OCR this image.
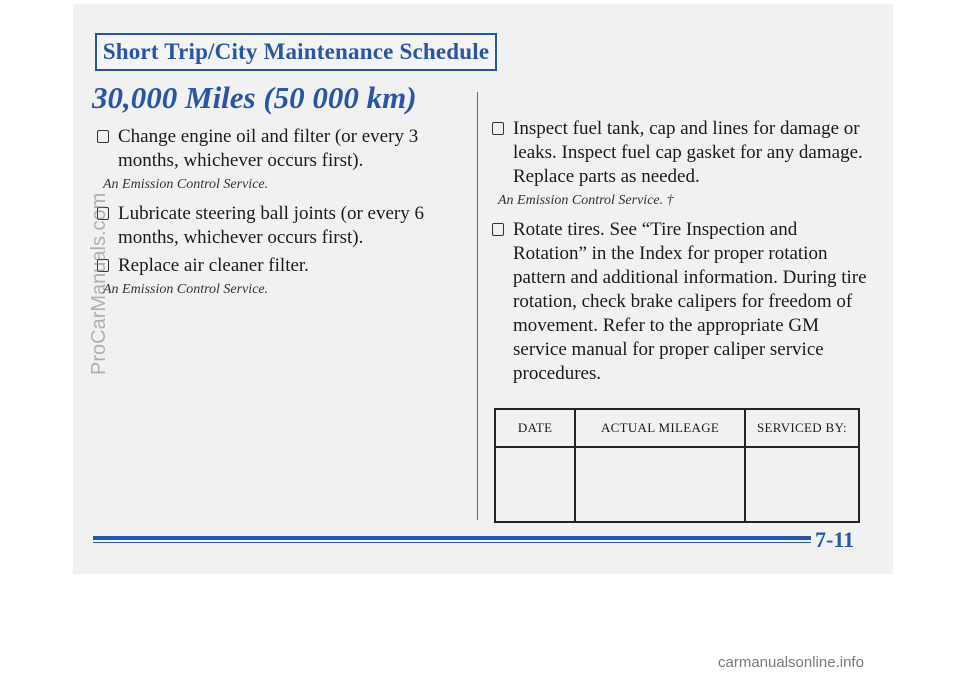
Short Trip/City Maintenance Schedule
30,000 Miles (50 000 km)
Change engine oil and filter (or every 3 months, whichever occurs first).
An Emission Control Service.
Lubricate steering ball joints (or every 6 months, whichever occurs first).
Replace air cleaner filter.
An Emission Control Service.
Inspect fuel tank, cap and lines for damage or leaks. Inspect fuel cap gasket for any damage. Replace parts as needed.
An Emission Control Service. †
Rotate tires. See “Tire Inspection and Rotation” in the Index for proper rotation pattern and additional information. During tire rotation, check brake calipers for freedom of movement. Refer to the appropriate GM service manual for proper caliper service procedures.
DATE	ACTUAL MILEAGE	SERVICED BY:

7-11
ProCarManuals.com
carmanualsonline.info
